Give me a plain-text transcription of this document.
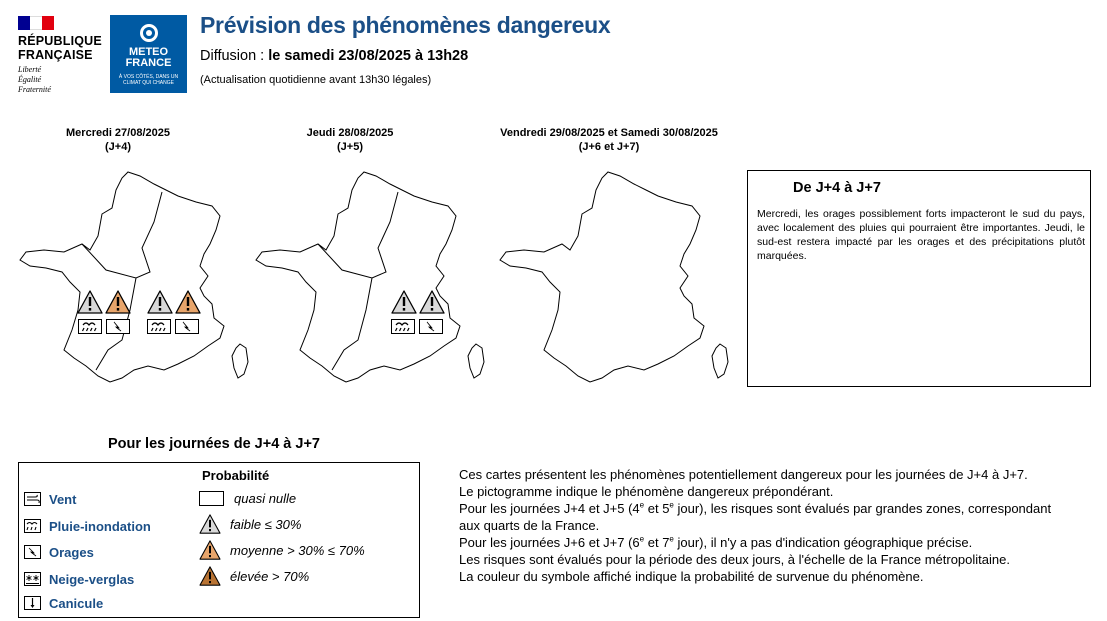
RÉPUBLIQUE
FRANÇAISE
Liberté
Égalité
Fraternité
METEO
FRANCE
À VOS CÔTÉS, DANS UN CLIMAT QUI CHANGE
Prévision des phénomènes dangereux
Diffusion : le samedi 23/08/2025 à 13h28
(Actualisation quotidienne avant 13h30 légales)
Mercredi 27/08/2025
(J+4)
Jeudi 28/08/2025
(J+5)
Vendredi 29/08/2025 et Samedi 30/08/2025
(J+6 et J+7)
De J+4 à J+7
Mercredi, les orages possiblement forts impacteront le sud du pays, avec localement des pluies qui pourraient être importantes. Jeudi, le sud-est restera impacté par les orages et des précipitations plutôt marquées.
Pour les journées de J+4 à J+7
Vent
Pluie-inondation
Orages
Neige-verglas
Canicule
Probabilité
quasi nulle
faible ≤ 30%
moyenne > 30% ≤ 70%
élevée > 70%

Ces cartes présentent les phénomènes potentiellement dangereux pour les journées de J+4 à J+7.

Le pictogramme indique le phénomène dangereux prépondérant.

Pour les journées J+4 et J+5 (4e et 5e jour), les risques sont évalués par grandes zones, correspondant aux quarts de la France.

Pour les journées J+6 et J+7 (6e et 7e jour), il n'y a pas d'indication géographique précise.

Les risques sont évalués pour la période des deux jours, à l'échelle de la France métropolitaine.

La couleur du symbole affiché indique la probabilité de survenue du phénomène.
